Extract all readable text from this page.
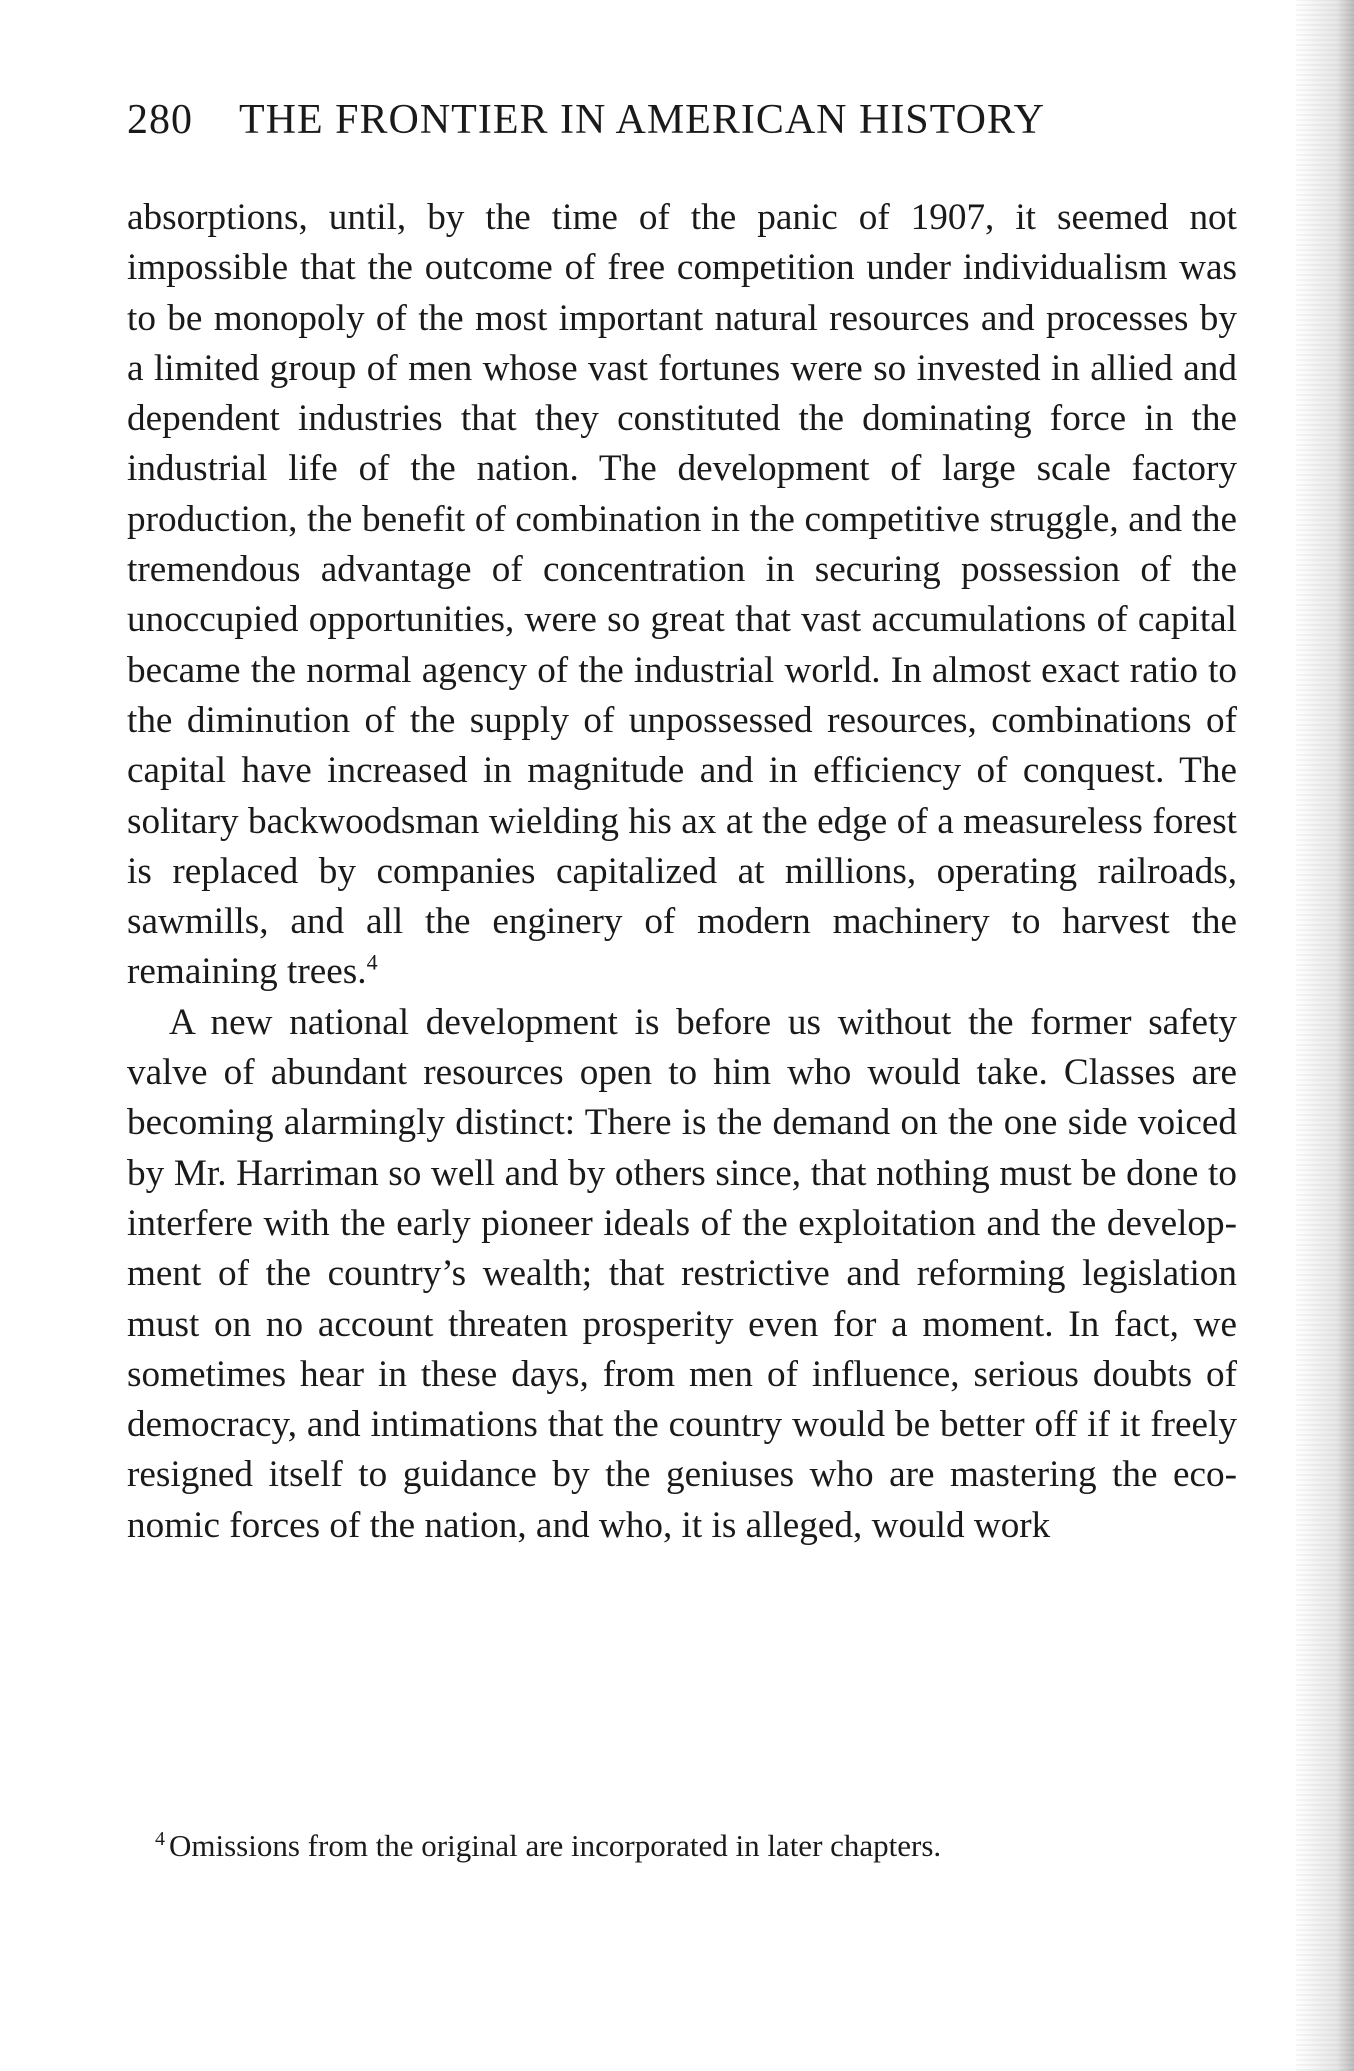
280 THE FRONTIER IN AMERICAN HISTORY

absorptions, until, by the time of the panic of 1907, it seemed not impossible that the outcome of free competition under individualism was to be monopoly of the most important natural resources and processes by a limited group of men whose vast fortunes were so invested in allied and dependent industries that they constituted the dominating force in the industrial life of the nation. The development of large scale factory production, the benefit of combination in the competitive struggle, and the tremendous advantage of concentration in securing possession of the unoccupied opportunities, were so great that vast accumulations of capital became the normal agency of the industrial world. In almost exact ratio to the diminution of the supply of unpossessed resources, combinations of capital have increased in magnitude and in efficiency of conquest. The solitary backwoodsman wielding his ax at the edge of a measureless forest is replaced by companies capitalized at millions, operating railroads, sawmills, and all the enginery of modern machinery to harvest the remaining trees.$^4$

A new national development is before us without the former safety valve of abundant resources open to him who would take. Classes are becoming alarmingly distinct: There is the demand on the one side voiced by Mr. Harriman so well and by others since, that nothing must be done to interfere with the early pioneer ideals of the exploitation and the development of the country’s wealth; that restrictive and reforming legislation must on no account threaten prosperity even for a moment. In fact, we sometimes hear in these days, from men of influence, serious doubts of democracy, and intimations that the country would be better off if it freely resigned itself to guidance by the geniuses who are mastering the economic forces of the nation, and who, it is alleged, would work

$^4$ Omissions from the original are incorporated in later chapters.
